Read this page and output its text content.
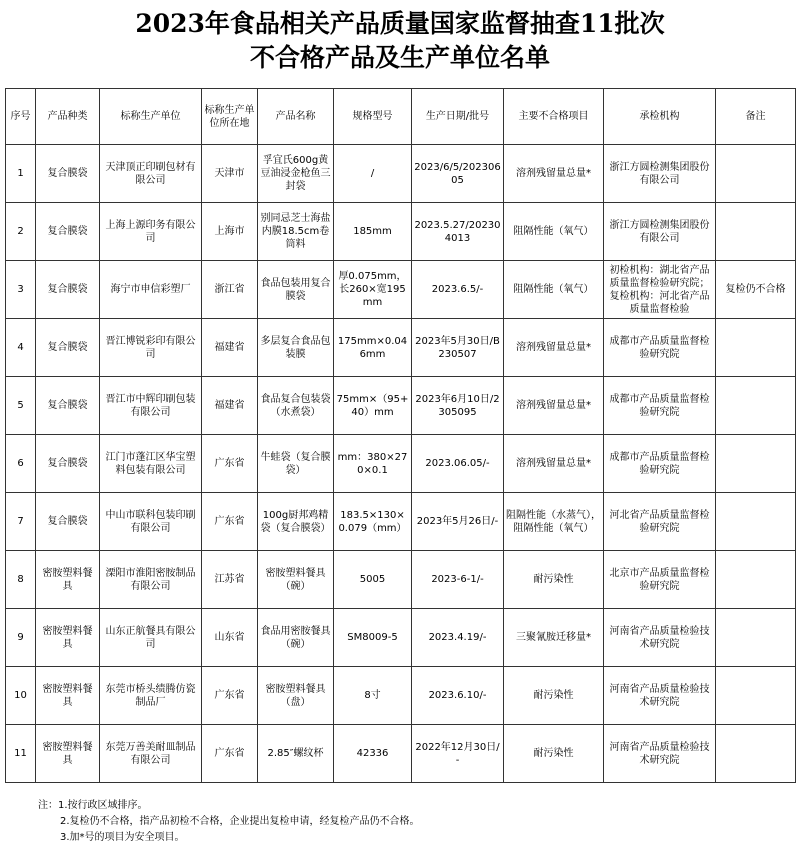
2023年食品相关产品质量国家监督抽查11批次
不合格产品及生产单位名单
序号	产品种类	标称生产单位	标称生产单位所在地	产品名称	规格型号	生产日期/批号	主要不合格项目	承检机构	备注
1	复合膜袋	天津顶正印刷包材有限公司	天津市	孚宜氏600g黄豆油浸金枪鱼三封袋	/	2023/6/5/20230605	溶剂残留量总量*	浙江方圆检测集团股份有限公司	
2	复合膜袋	上海上源印务有限公司	上海市	别同忌芝士海盐内膜18.5cm卷筒料	185mm	2023.5.27/202304013	阻隔性能（氧气）	浙江方圆检测集团股份有限公司	
3	复合膜袋	海宁市申信彩塑厂	浙江省	食品包装用复合膜袋	厚0.075mm，长260×宽195mm	2023.6.5/-	阻隔性能（氧气）	初检机构：湖北省产品质量监督检验研究院；复检机构：河北省产品质量监督检验	复检仍不合格
4	复合膜袋	晋江博锐彩印有限公司	福建省	多层复合食品包装膜	175mm×0.046mm	2023年5月30日/B230507	溶剂残留量总量*	成都市产品质量监督检验研究院	
5	复合膜袋	晋江市中辉印刷包装有限公司	福建省	食品复合包装袋（水煮袋）	75mm×（95+40）mm	2023年6月10日/2305095	溶剂残留量总量*	成都市产品质量监督检验研究院	
6	复合膜袋	江门市蓬江区华宝塑料包装有限公司	广东省	牛蛙袋（复合膜袋）	mm：380×270×0.1	2023.06.05/-	溶剂残留量总量*	成都市产品质量监督检验研究院	
7	复合膜袋	中山市联科包装印刷有限公司	广东省	100g厨邦鸡精袋（复合膜袋）	183.5×130×0.079（mm）	2023年5月26日/-	阻隔性能（水蒸气），阻隔性能（氧气）	河北省产品质量监督检验研究院	
8	密胺塑料餐具	溧阳市淮阳密胺制品有限公司	江苏省	密胺塑料餐具（碗）	5005	2023-6-1/-	耐污染性	北京市产品质量监督检验研究院	
9	密胺塑料餐具	山东正航餐具有限公司	山东省	食品用密胺餐具（碗）	SM8009-5	2023.4.19/-	三聚氰胺迁移量*	河南省产品质量检验技术研究院	
10	密胺塑料餐具	东莞市桥头绩腾仿瓷制品厂	广东省	密胺塑料餐具（盘）	8寸	2023.6.10/-	耐污染性	河南省产品质量检验技术研究院	
11	密胺塑料餐具	东莞万善美耐皿制品有限公司	广东省	2.85″螺纹杯	42336	2022年12月30日/-	耐污染性	河南省产品质量检验技术研究院	
注：1.按行政区域排序。
2.复检仍不合格，指产品初检不合格，企业提出复检申请，经复检产品仍不合格。
3.加*号的项目为安全项目。
